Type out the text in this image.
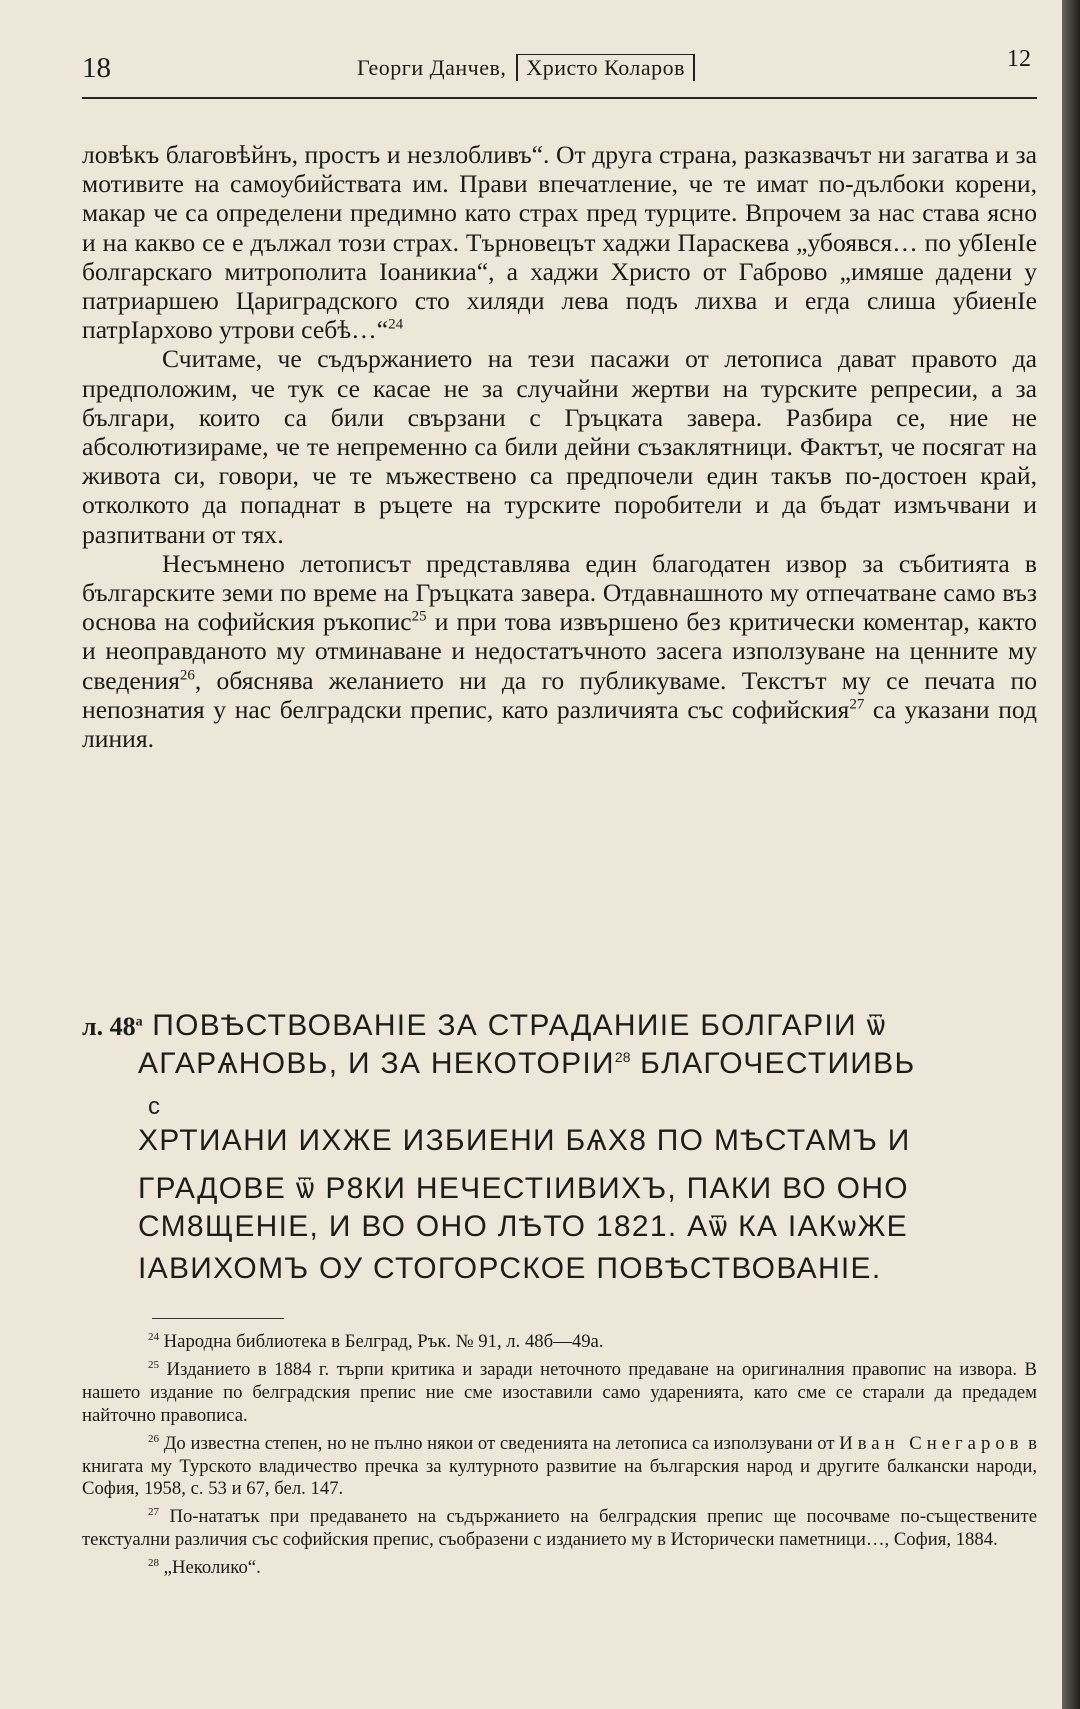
18	Георги Данчев, Христо Коларов	12

ловѣкъ благовѣйнъ, простъ и незлобливъ“. От друга страна, разказвачът ни загатва и за мотивите на самоубийствата им. Прави впечатление, че те имат по-дълбоки корени, макар че са определени предимно като страх пред турците. Впрочем за нас става ясно и на какво се е дължал този страх. Търновецът хаджи Параскева „убоявся… по убІенІе болгарскаго митрополита Іоаникиа“, а хаджи Христо от Габрово „имяше дадени у патриаршею Цариградского сто хиляди лева подъ лихва и егда слиша убиенІе патрІархово утрови себѣ…“$^{24}$

Считаме, че съдържанието на тези пасажи от летописа дават правото да предположим, че тук се касае не за случайни жертви на турските репресии, а за българи, които са били свързани с Гръцката завера. Разбира се, ние не абсолютизираме, че те непременно са били дейни съзаклятници. Фактът, че посягат на живота си, говори, че те мъжествено са предпочели един такъв по-достоен край, отколкото да попаднат в ръцете на турските поробители и да бъдат измъчвани и разпитвани от тях.

Несъмнено летописът представлява един благодатен извор за събитията в българските земи по време на Гръцката завера. Отдавнашното му отпечатване само въз основа на софийския ръкопис$^{25}$ и при това извършено без критически коментар, както и неоправданото му отминаване и недостатъчното засега използуване на ценните му сведения$^{26}$, обяснява желанието ни да го публикуваме. Текстът му се печата по непознатия у нас белградски препис, като различията със софийския$^{27}$ са указани под линия.

л. $48^а$ ПОВѢСТВОВАНІЕ ЗА СТРАДАНИІЕ БОЛГАРІИ ѿ
АГАРѦНОВЬ, И ЗА НЕКОТОРІИ$^{28}$ БЛАГОЧЕСТИИВЬ
с
ХРТИАНИ ИХЖЕ ИЗБИЕНИ БѦХ8 ПО МѢСТАМЪ И
ГРАДОВЕ ѿ Р8КИ НЕЧЕСТІИВИХЪ, ПАКИ ВО ОНО
СМ8ЩЕНІЕ, И ВО ОНО ЛѢТО 1821. Аѿ КА ІАКѡЖЕ
ІАВИХОМЪ ОУ СТОГОРСКОЕ ПОВѢСТВОВАНІЕ.

$^{24}$ Народна библиотека в Белград, Рък. № 91, л. 48б—49а.

$^{25}$ Изданието в 1884 г. търпи критика и заради неточното предаване на оригиналния правопис на извора. В нашето издание по белградския препис ние сме изоставили само ударенията, като сме се старали да предадем найточно правописа.

$^{26}$ До известна степен, но не пълно някои от сведенията на летописа са използувани от Иван Снегаров в книгата му Турското владичество пречка за културното развитие на българския народ и другите балкански народи, София, 1958, с. 53 и 67, бел. 147.

$^{27}$ По-нататък при предаването на съдържанието на белградския препис ще посочваме по-съществените текстуални различия със софийския препис, съобразени с изданието му в Исторически паметници…, София, 1884.

$^{28}$ „Неколико“.
